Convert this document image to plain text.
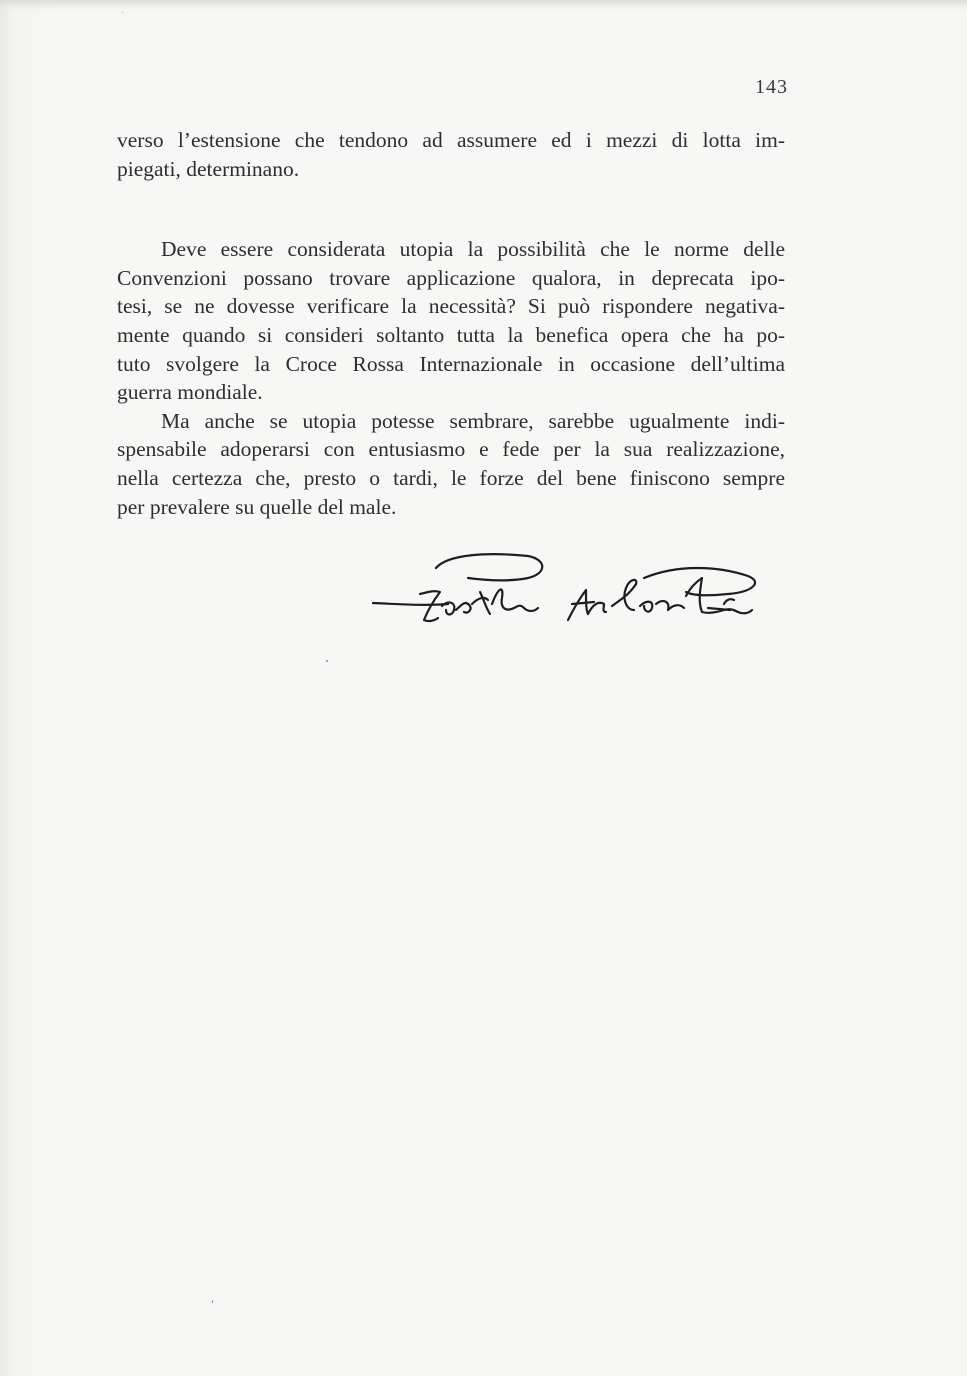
143
verso l’estensione che tendono ad assumere ed i mezzi di lotta im-
piegati, determinano.
Deve essere considerata utopia la possibilità che le norme delle
Convenzioni possano trovare applicazione qualora, in deprecata ipo-
tesi, se ne dovesse verificare la necessità? Si può rispondere negativa-
mente quando si consideri soltanto tutta la benefica opera che ha po-
tuto svolgere la Croce Rossa Internazionale in occasione dell’ultima
guerra mondiale.
Ma anche se utopia potesse sembrare, sarebbe ugualmente indi-
spensabile adoperarsi con entusiasmo e fede per la sua realizzazione,
nella certezza che, presto o tardi, le forze del bene finiscono sempre
per prevalere su quelle del male.
